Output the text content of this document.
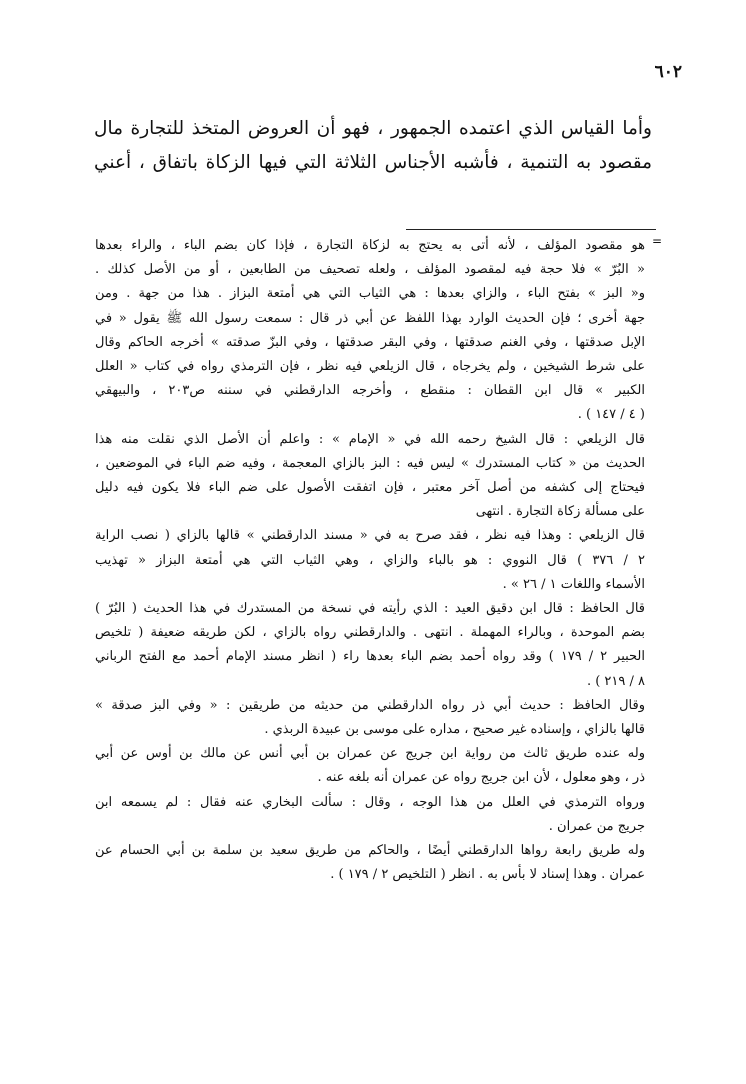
٦٠٢

وأما القياس الذي اعتمده الجمهور ، فهو أن العروض المتخذ للتجارة مال

مقصود به التنمية ، فأشبه الأجناس الثلاثة التي فيها الزكاة باتفاق ، أعني

=

هو مقصود المؤلف ، لأنه أتى به يحتج به لزكاة التجارة ، فإذا كان بضم الباء ، والراء بعدها

« البُرّ » فلا حجة فيه لمقصود المؤلف ، ولعله تصحيف من الطابعين ، أو من الأصل كذلك .

و« البز » بفتح الباء ، والزاي بعدها : هي الثياب التي هي أمتعة البزاز . هذا من جهة . ومن

جهة أخرى ؛ فإن الحديث الوارد بهذا اللفظ عن أبي ذر قال : سمعت رسول الله ﷺ يقول « في

الإبل صدقتها ، وفي الغنم صدقتها ، وفي البقر صدقتها ، وفي البزّ صدقته » أخرجه الحاكم وقال

على شرط الشيخين ، ولم يخرجاه ، قال الزيلعي فيه نظر ، فإن الترمذي رواه في كتاب « العلل

الكبير » قال ابن القطان : منقطع ، وأخرجه الدارقطني في سننه ص٢٠٣ ، والبيهقي

( ٤ / ١٤٧ ) .

قال الزيلعي : قال الشيخ رحمه الله في « الإمام » : واعلم أن الأصل الذي نقلت منه هذا

الحديث من « كتاب المستدرك » ليس فيه : البز بالزاي المعجمة ، وفيه ضم الباء في الموضعين ،

فيحتاج إلى كشفه من أصل آخر معتبر ، فإن اتفقت الأصول على ضم الباء فلا يكون فيه دليل

على مسألة زكاة التجارة . انتهى

قال الزيلعي : وهذا فيه نظر ، فقد صرح به في « مسند الدارقطني » قالها بالزاي ( نصب الراية

٢ / ٣٧٦ ) قال النووي : هو بالباء والزاي ، وهي الثياب التي هي أمتعة البزاز « تهذيب

الأسماء واللغات ١ / ٢٦ » .

قال الحافظ : قال ابن دقيق العيد : الذي رأيته في نسخة من المستدرك في هذا الحديث ( البُرّ )

بضم الموحدة ، وبالراء المهملة . انتهى . والدارقطني رواه بالزاي ، لكن طريقه ضعيفة ( تلخيص

الحبير ٢ / ١٧٩ ) وقد رواه أحمد بضم الباء بعدها راء ( انظر مسند الإمام أحمد مع الفتح الرباني

٨ / ٢١٩ ) .

وقال الحافظ : حديث أبي ذر رواه الدارقطني من حديثه من طريقين : « وفي البز صدقة »

قالها بالزاي ، وإسناده غير صحيح ، مداره على موسى بن عبيدة الربذي .

وله عنده طريق ثالث من رواية ابن جريج عن عمران بن أبي أنس عن مالك بن أوس عن أبي

ذر ، وهو معلول ، لأن ابن جريج رواه عن عمران أنه بلغه عنه .

ورواه الترمذي في العلل من هذا الوجه ، وقال : سألت البخاري عنه فقال : لم يسمعه ابن

جريج من عمران .

وله طريق رابعة رواها الدارقطني أيضًا ، والحاكم من طريق سعيد بن سلمة بن أبي الحسام عن

عمران . وهذا إسناد لا بأس به . انظر ( التلخيص ٢ / ١٧٩ ) .
